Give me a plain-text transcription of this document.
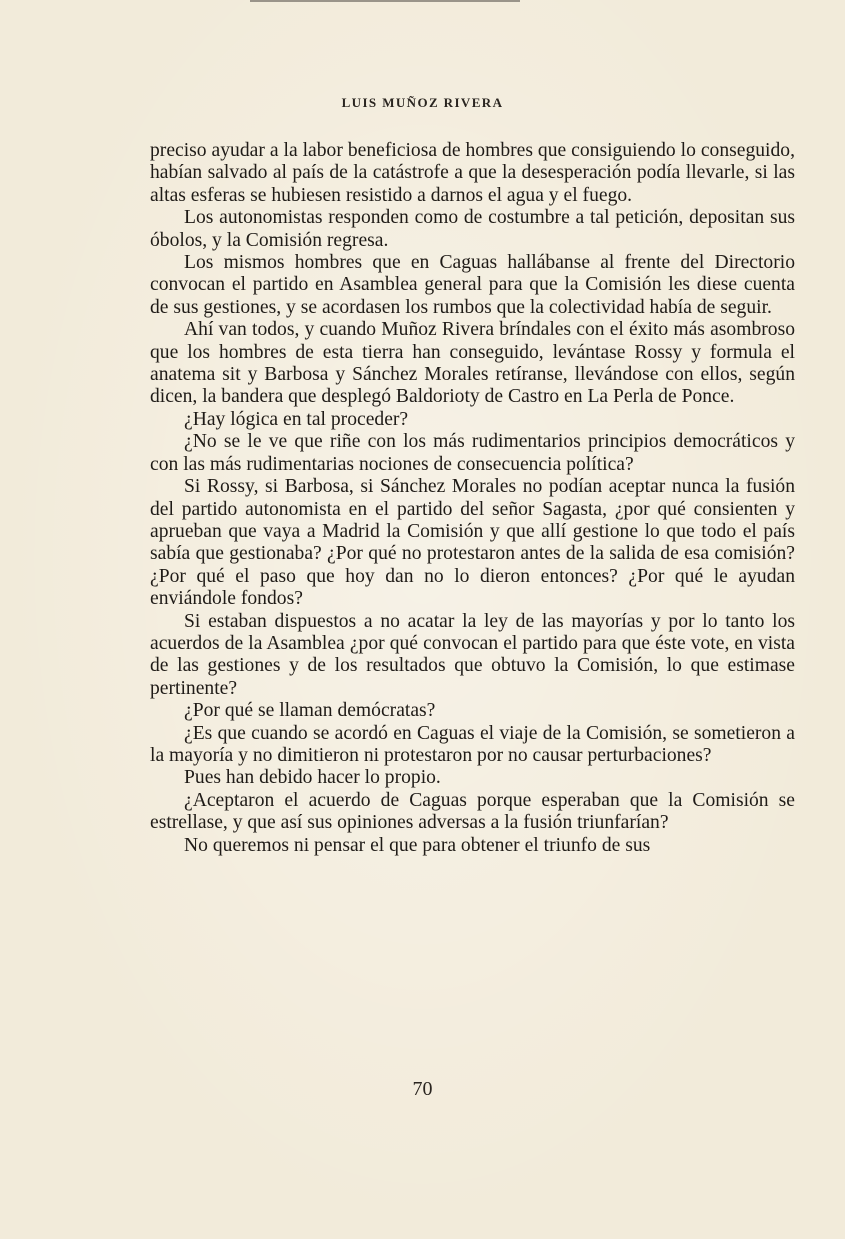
LUIS MUÑOZ RIVERA

preciso ayudar a la labor beneficiosa de hombres que consiguiendo lo conseguido, habían salvado al país de la catástrofe a que la desesperación podía llevarle, si las altas esferas se hubiesen resistido a darnos el agua y el fuego.

Los autonomistas responden como de costumbre a tal petición, depositan sus óbolos, y la Comisión regresa.

Los mismos hombres que en Caguas hallábanse al frente del Directorio convocan el partido en Asamblea general para que la Comisión les diese cuenta de sus gestiones, y se acordasen los rumbos que la colectividad había de seguir.

Ahí van todos, y cuando Muñoz Rivera bríndales con el éxito más asombroso que los hombres de esta tierra han conseguido, levántase Rossy y formula el anatema sit y Barbosa y Sánchez Morales retíranse, llevándose con ellos, según dicen, la bandera que desplegó Baldorioty de Castro en La Perla de Ponce.

¿Hay lógica en tal proceder?

¿No se le ve que riñe con los más rudimentarios principios democráticos y con las más rudimentarias nociones de consecuencia política?

Si Rossy, si Barbosa, si Sánchez Morales no podían aceptar nunca la fusión del partido autonomista en el partido del señor Sagasta, ¿por qué consienten y aprueban que vaya a Madrid la Comisión y que allí gestione lo que todo el país sabía que gestionaba? ¿Por qué no protestaron antes de la salida de esa comisión? ¿Por qué el paso que hoy dan no lo dieron entonces? ¿Por qué le ayudan enviándole fondos?

Si estaban dispuestos a no acatar la ley de las mayorías y por lo tanto los acuerdos de la Asamblea ¿por qué convocan el partido para que éste vote, en vista de las gestiones y de los resultados que obtuvo la Comisión, lo que estimase pertinente?

¿Por qué se llaman demócratas?

¿Es que cuando se acordó en Caguas el viaje de la Comisión, se sometieron a la mayoría y no dimitieron ni protestaron por no causar perturbaciones?

Pues han debido hacer lo propio.

¿Aceptaron el acuerdo de Caguas porque esperaban que la Comisión se estrellase, y que así sus opiniones adversas a la fusión triunfarían?

No queremos ni pensar el que para obtener el triunfo de sus

70
